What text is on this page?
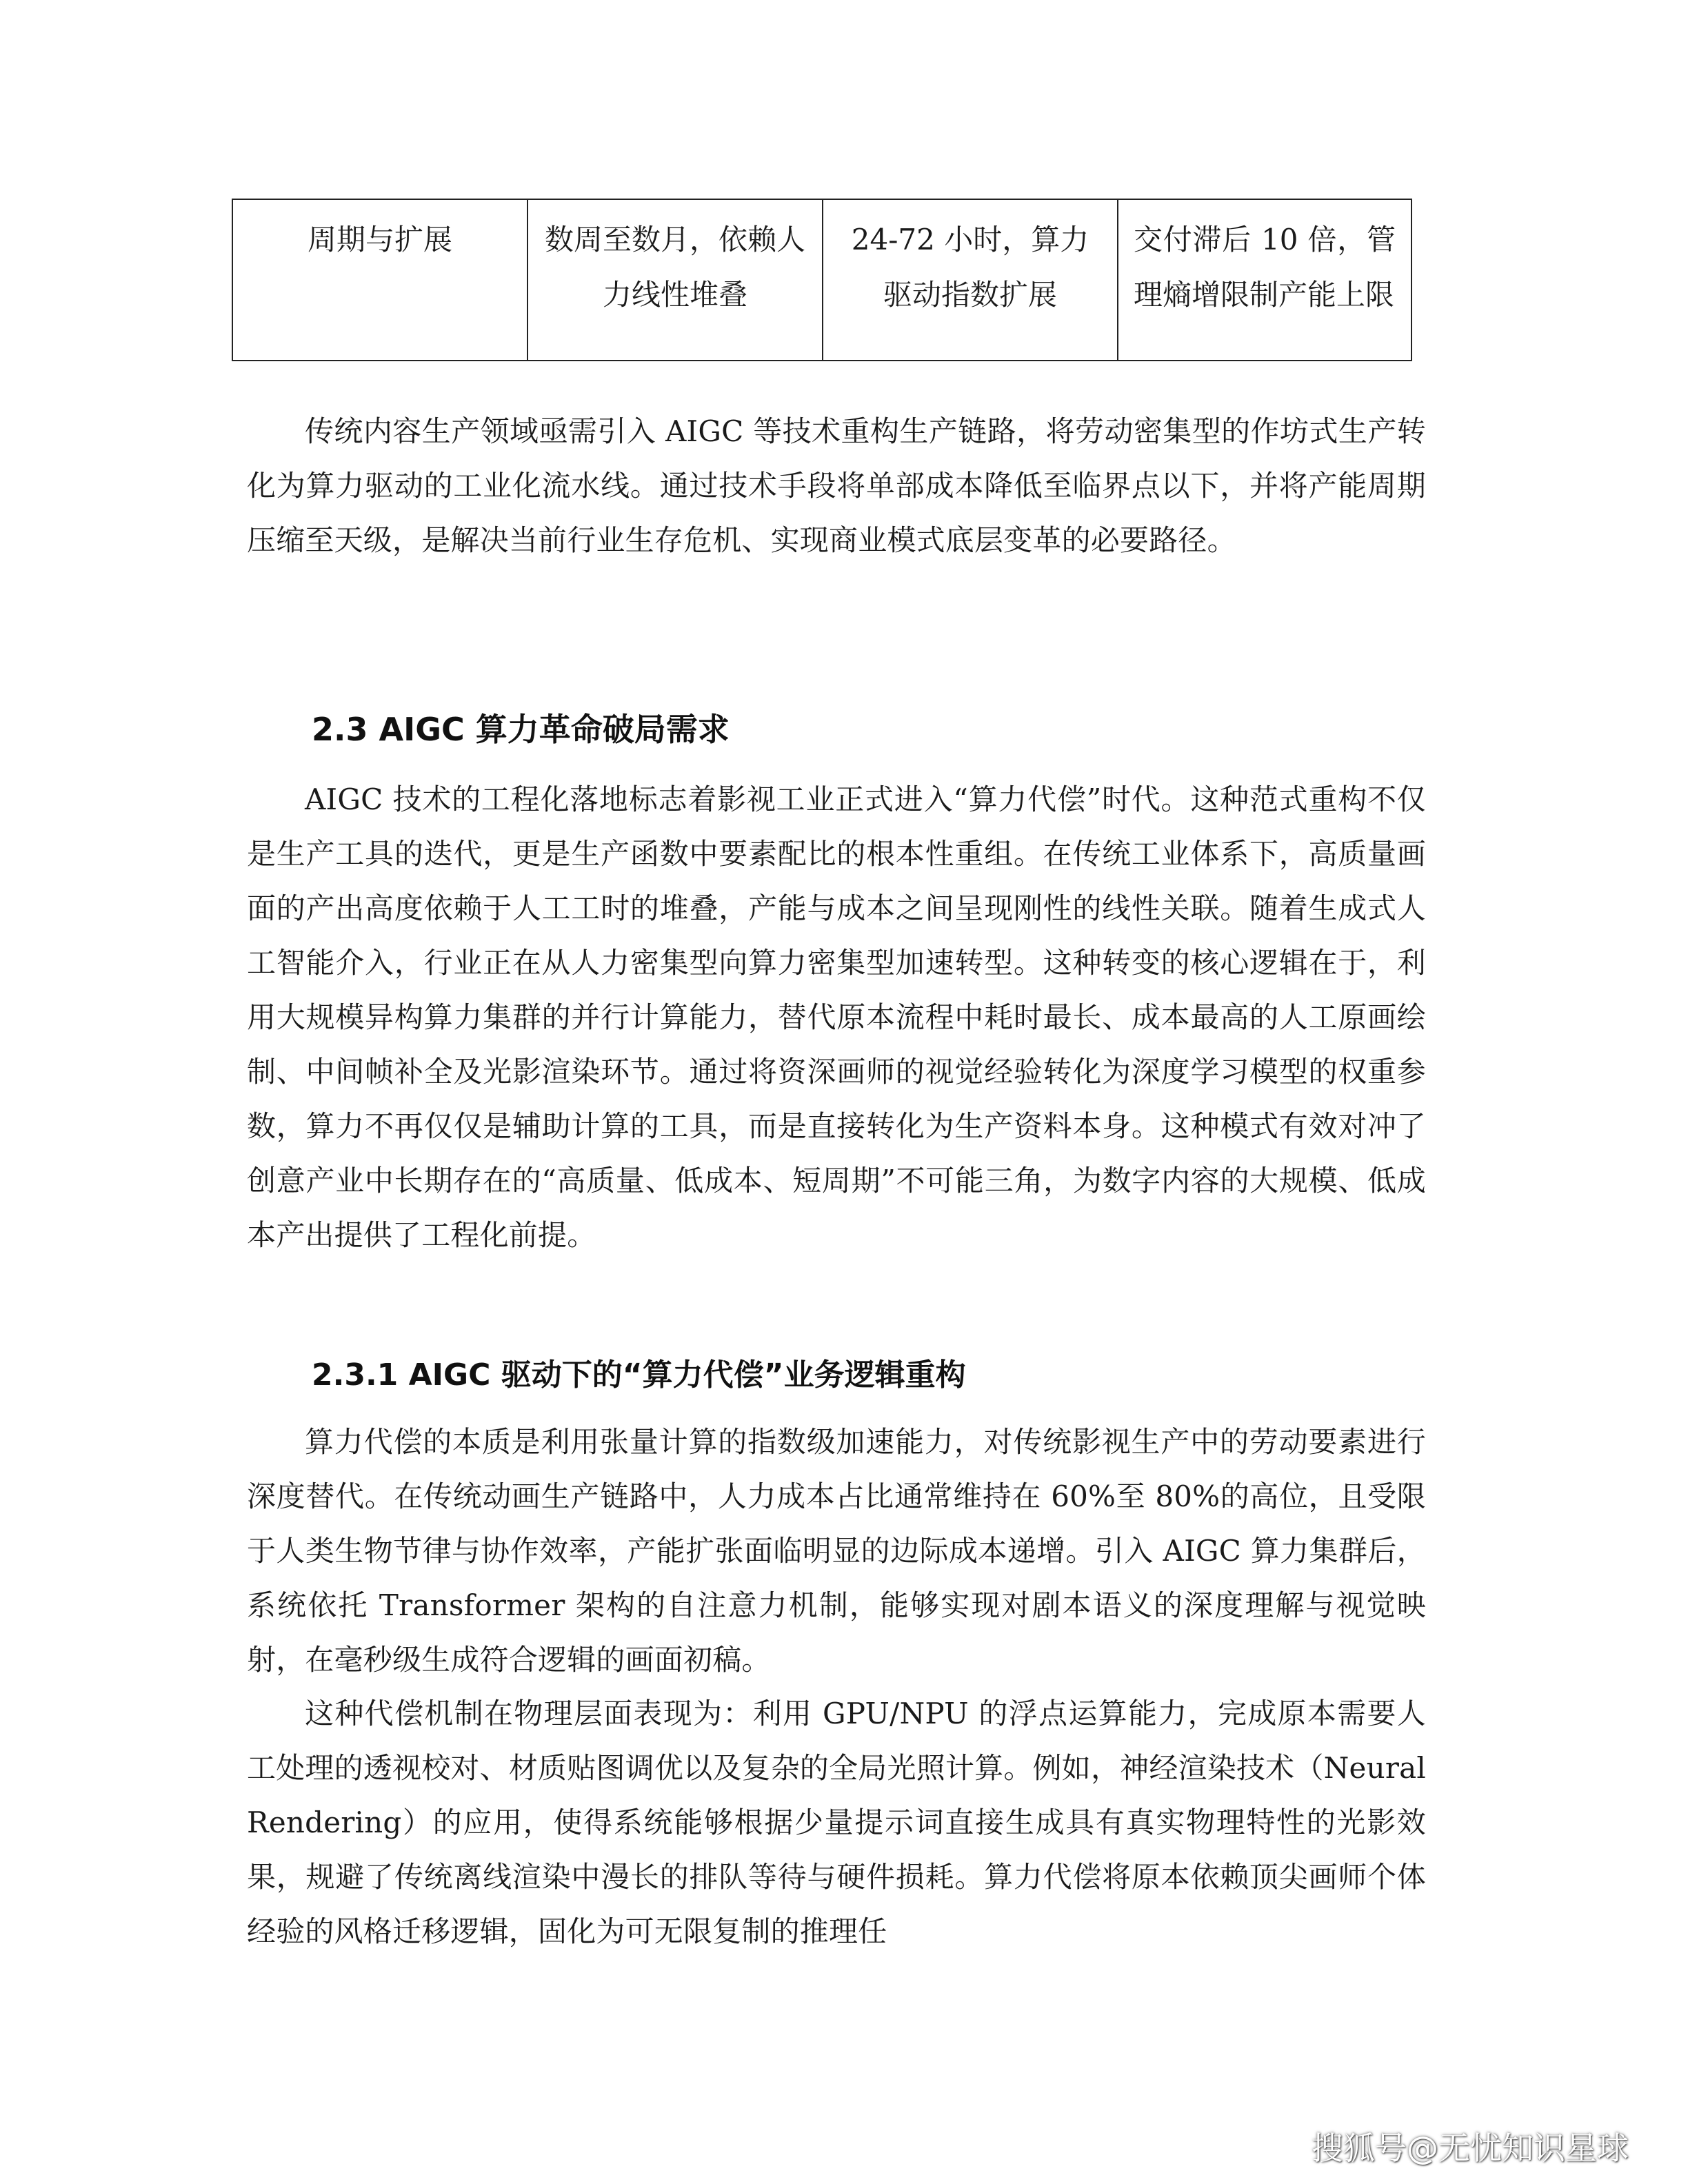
周期与扩展	数周至数月，依赖人力线性堆叠	24-72 小时，算力驱动指数扩展	交付滞后 10 倍，管理熵增限制产能上限

传统内容生产领域亟需引入 AIGC 等技术重构生产链路，将劳动密集型的作坊式生产转化为算力驱动的工业化流水线。通过技术手段将单部成本降低至临界点以下，并将产能周期压缩至天级，是解决当前行业生存危机、实现商业模式底层变革的必要路径。

2.3 AIGC 算力革命破局需求

AIGC 技术的工程化落地标志着影视工业正式进入“算力代偿”时代。这种范式重构不仅是生产工具的迭代，更是生产函数中要素配比的根本性重组。在传统工业体系下，高质量画面的产出高度依赖于人工工时的堆叠，产能与成本之间呈现刚性的线性关联。随着生成式人工智能介入，行业正在从人力密集型向算力密集型加速转型。这种转变的核心逻辑在于，利用大规模异构算力集群的并行计算能力，替代原本流程中耗时最长、成本最高的人工原画绘制、中间帧补全及光影渲染环节。通过将资深画师的视觉经验转化为深度学习模型的权重参数，算力不再仅仅是辅助计算的工具，而是直接转化为生产资料本身。这种模式有效对冲了创意产业中长期存在的“高质量、低成本、短周期”不可能三角，为数字内容的大规模、低成本产出提供了工程化前提。

2.3.1 AIGC 驱动下的“算力代偿”业务逻辑重构

算力代偿的本质是利用张量计算的指数级加速能力，对传统影视生产中的劳动要素进行深度替代。在传统动画生产链路中，人力成本占比通常维持在 60%至 80%的高位，且受限于人类生物节律与协作效率，产能扩张面临明显的边际成本递增。引入 AIGC 算力集群后，系统依托 Transformer 架构的自注意力机制，能够实现对剧本语义的深度理解与视觉映射，在毫秒级生成符合逻辑的画面初稿。

这种代偿机制在物理层面表现为：利用 GPU/NPU 的浮点运算能力，完成原本需要人工处理的透视校对、材质贴图调优以及复杂的全局光照计算。例如，神经渲染技术（Neural Rendering）的应用，使得系统能够根据少量提示词直接生成具有真实物理特性的光影效果，规避了传统离线渲染中漫长的排队等待与硬件损耗。算力代偿将原本依赖顶尖画师个体经验的风格迁移逻辑，固化为可无限复制的推理任

搜狐号@无忧知识星球
